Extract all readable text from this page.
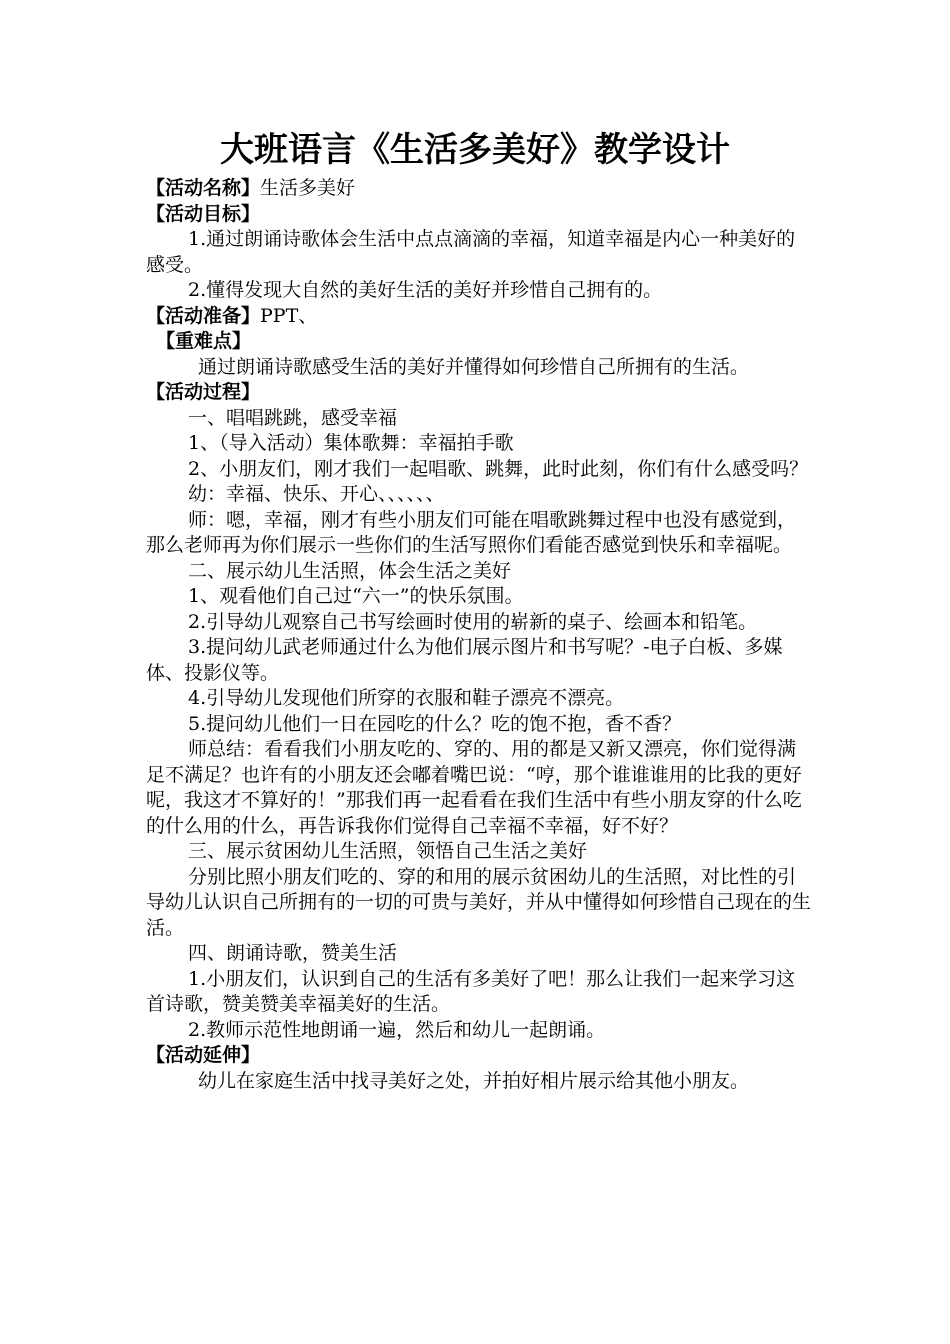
大班语言《生活多美好》教学设计

【活动名称】生活多美好

【活动目标】

1.通过朗诵诗歌体会生活中点点滴滴的幸福，知道幸福是内心一种美好的感受。

2.懂得发现大自然的美好生活的美好并珍惜自己拥有的。

【活动准备】PPT、

【重难点】

通过朗诵诗歌感受生活的美好并懂得如何珍惜自己所拥有的生活。

【活动过程】

一、唱唱跳跳，感受幸福

1、（导入活动）集体歌舞：幸福拍手歌

2、小朋友们，刚才我们一起唱歌、跳舞，此时此刻，你们有什么感受吗？

幼：幸福、快乐、开心、、、、、、

师：嗯，幸福，刚才有些小朋友们可能在唱歌跳舞过程中也没有感觉到，那么老师再为你们展示一些你们的生活写照你们看能否感觉到快乐和幸福呢。

二、展示幼儿生活照，体会生活之美好

1、观看他们自己过“六一”的快乐氛围。

2.引导幼儿观察自己书写绘画时使用的崭新的桌子、绘画本和铅笔。

3.提问幼儿武老师通过什么为他们展示图片和书写呢？-电子白板、多媒体、投影仪等。

4.引导幼儿发现他们所穿的衣服和鞋子漂亮不漂亮。

5.提问幼儿他们一日在园吃的什么？吃的饱不抱，香不香？

师总结：看看我们小朋友吃的、穿的、用的都是又新又漂亮，你们觉得满足不满足？也许有的小朋友还会嘟着嘴巴说：“哼，那个谁谁谁用的比我的更好呢，我这才不算好的！”那我们再一起看看在我们生活中有些小朋友穿的什么吃的什么用的什么，再告诉我你们觉得自己幸福不幸福，好不好？

三、展示贫困幼儿生活照，领悟自己生活之美好

分别比照小朋友们吃的、穿的和用的展示贫困幼儿的生活照，对比性的引导幼儿认识自己所拥有的一切的可贵与美好，并从中懂得如何珍惜自己现在的生活。

四、朗诵诗歌，赞美生活

1.小朋友们，认识到自己的生活有多美好了吧！那么让我们一起来学习这首诗歌，赞美赞美幸福美好的生活。

2.教师示范性地朗诵一遍，然后和幼儿一起朗诵。

【活动延伸】

幼儿在家庭生活中找寻美好之处，并拍好相片展示给其他小朋友。
